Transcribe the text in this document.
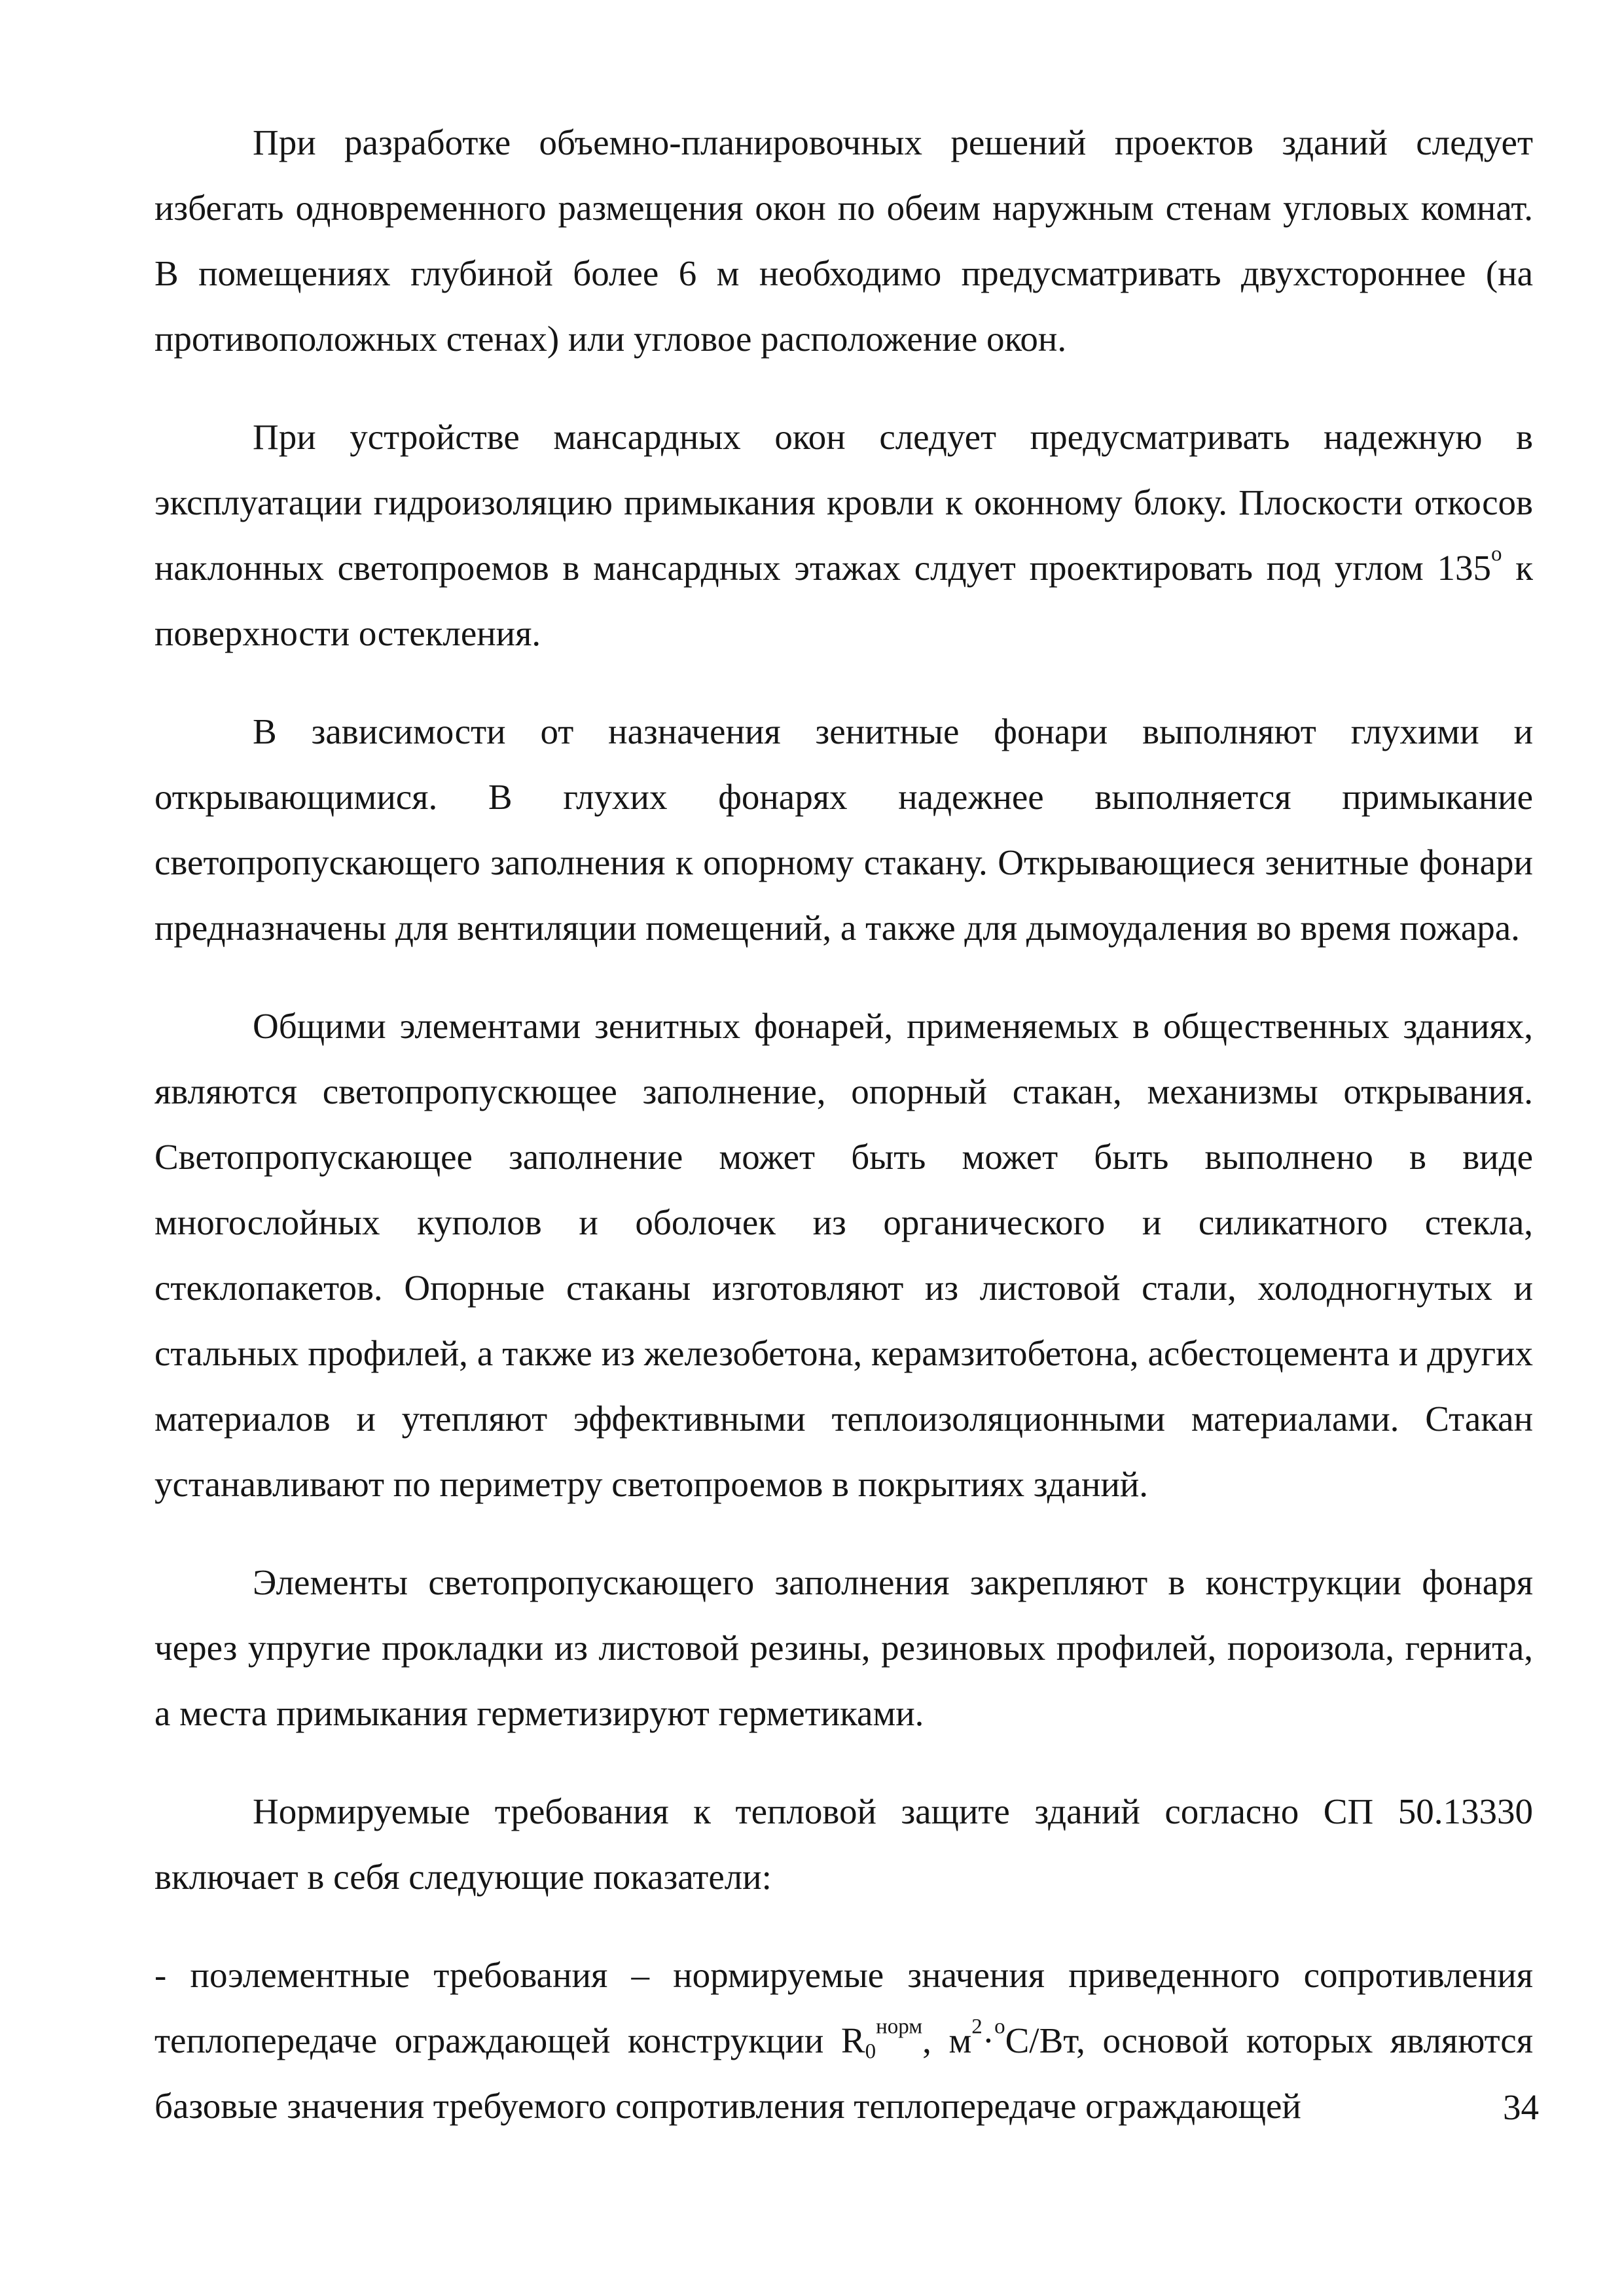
При разработке объемно-планировочных решений проектов зданий следует избегать одновременного размещения окон по обеим наружным стенам угловых комнат. В помещениях глубиной более 6 м необходимо предусматривать двухстороннее (на противоположных стенах) или угловое расположение окон.

При устройстве мансардных окон следует предусматривать надежную в эксплуатации гидроизоляцию примыкания кровли к оконному блоку. Плоскости откосов наклонных светопроемов в мансардных этажах слдует проектировать под углом $135^о$ к поверхности остекления.

В зависимости от назначения зенитные фонари выполняют глухими и открывающимися. В глухих фонарях надежнее выполняется примыкание светопропускающего заполнения к опорному стакану. Открывающиеся зенитные фонари предназначены для вентиляции помещений, а также для дымоудаления во время пожара.

Общими элементами зенитных фонарей, применяемых в общественных зданиях, являются светопропускющее заполнение, опорный стакан, механизмы открывания. Светопропускающее заполнение может быть может быть выполнено в виде многослойных куполов и оболочек из органического и силикатного стекла, стеклопакетов. Опорные стаканы изготовляют из листовой стали, холодногнутых и стальных профилей, а также из железобетона, керамзитобетона, асбестоцемента и других материалов и утепляют эффективными теплоизоляционными материалами. Стакан устанавливают по периметру светопроемов в покрытиях зданий.

Элементы светопропускающего заполнения закрепляют в конструкции фонаря через упругие прокладки из листовой резины, резиновых профилей, пороизола, гернита, а места примыкания герметизируют герметиками.

Нормируемые требования к тепловой защите зданий согласно СП 50.13330 включает в себя следующие показатели:

- поэлементные требования – нормируемые значения приведенного сопротивления теплопередаче ограждающей конструкции $R_0^{норм}$, $м^2\cdot^оС/Вт$, основой которых являются базовые значения требуемого сопротивления теплопередаче ограждающей	34
